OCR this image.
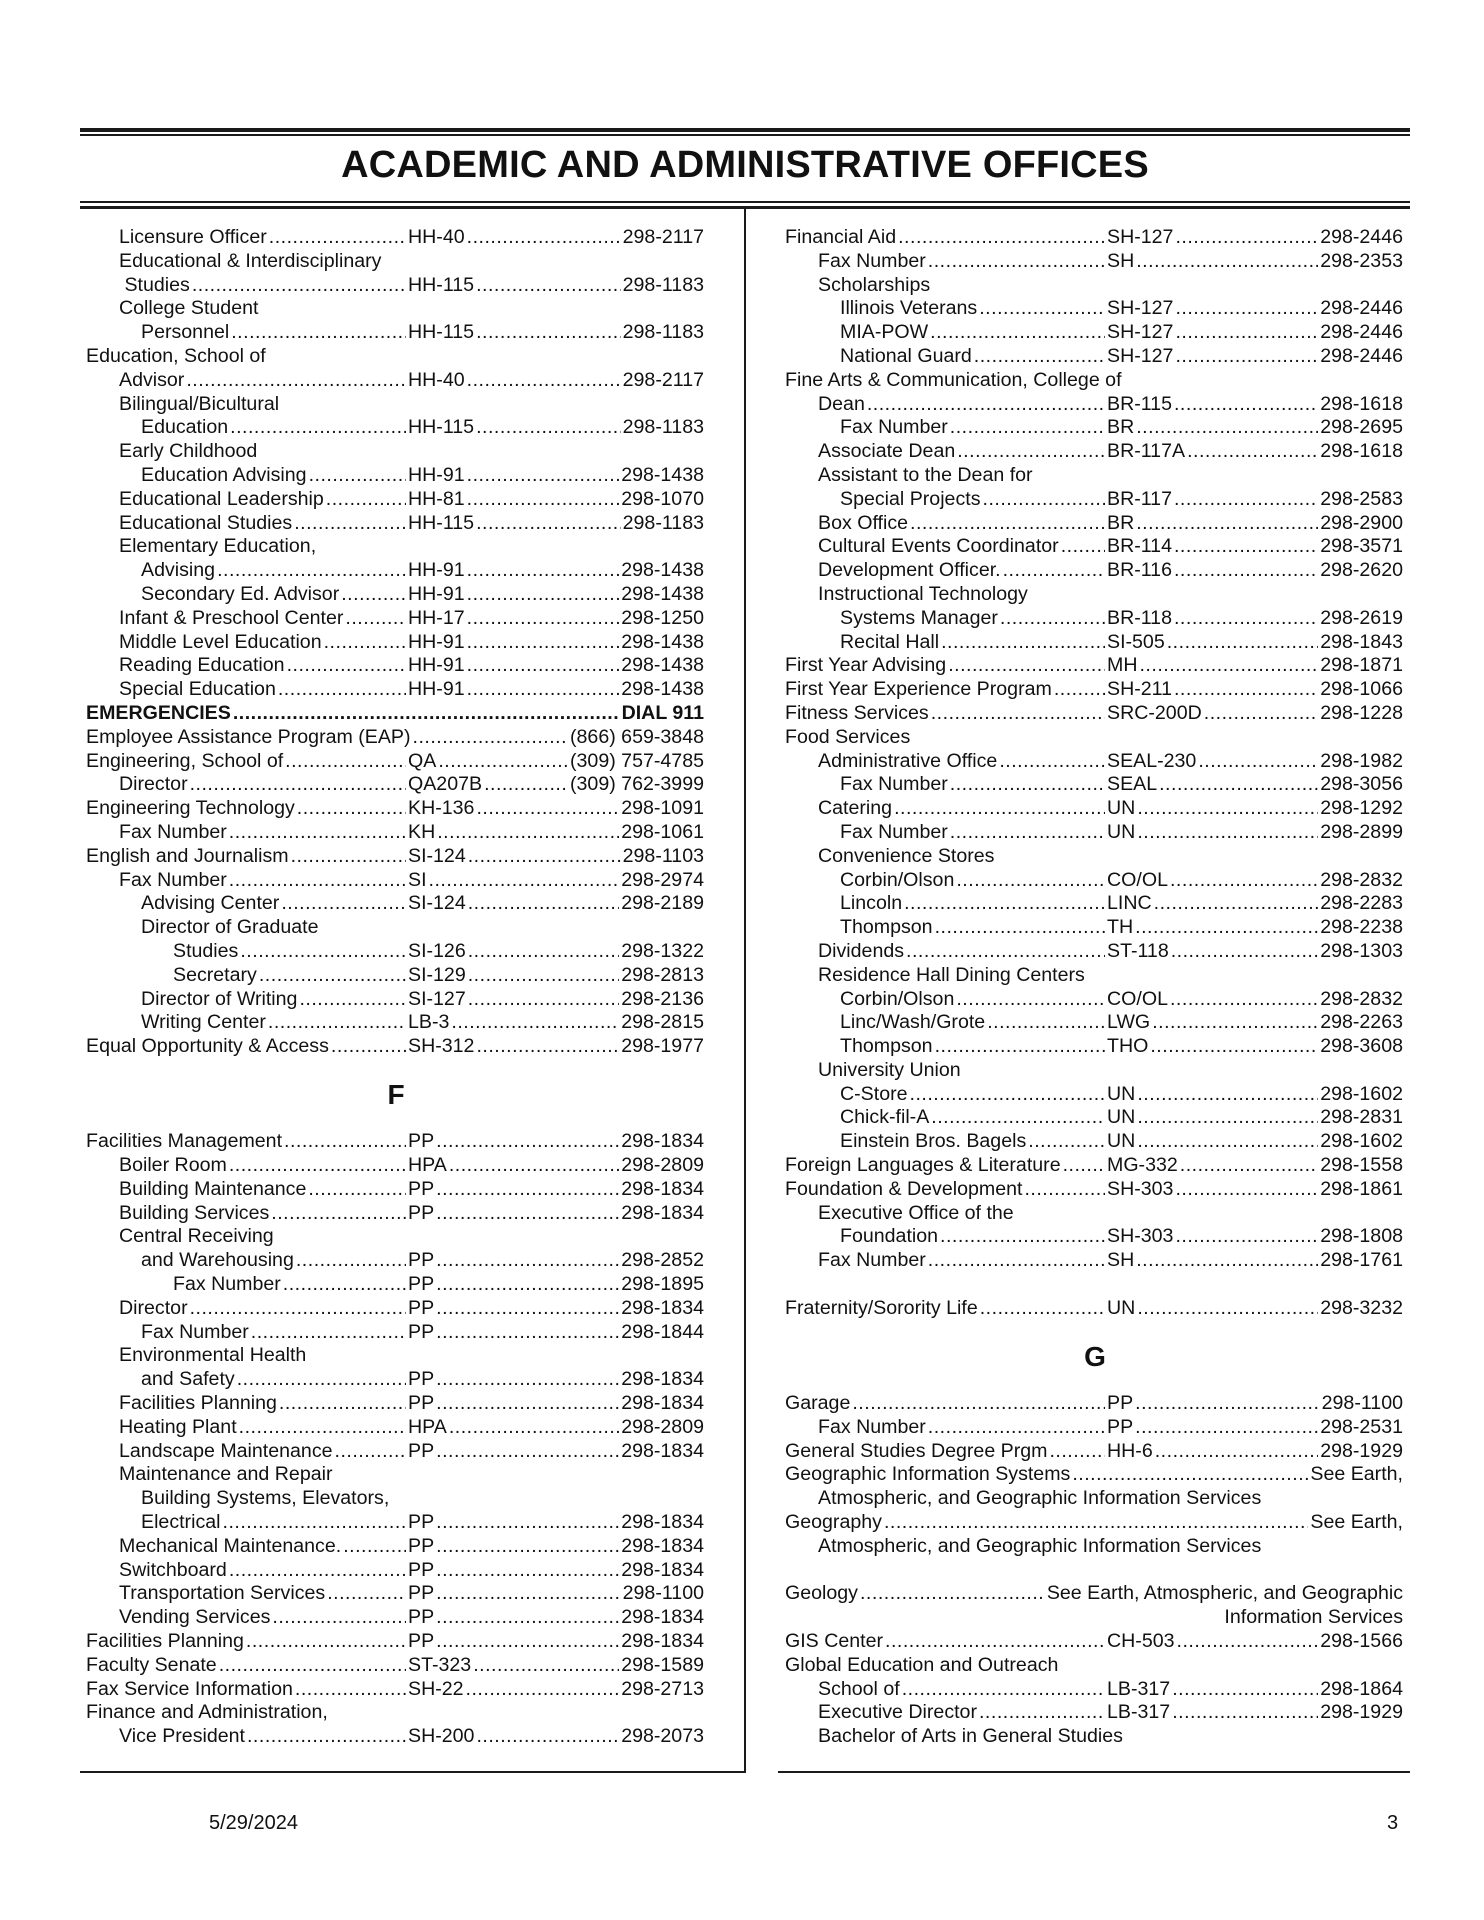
ACADEMIC AND ADMINISTRATIVE OFFICES
Licensure Officer .....	HH-40 .....	298-2117
Educational & Interdisciplinary
Studies .....	HH-115 .....	298-1183
College Student
Personnel .....	HH-115 .....	298-1183
Education, School of
Advisor .....	HH-40 .....	298-2117
Bilingual/Bicultural
Education .....	HH-115 .....	298-1183
Early Childhood
Education Advising .....	HH-91 .....	298-1438
Educational Leadership .....	HH-81 .....	298-1070
Educational Studies .....	HH-115 .....	298-1183
Elementary Education,
Advising .....	HH-91 .....	298-1438
Secondary Ed. Advisor .....	HH-91 .....	298-1438
Infant & Preschool Center .....	HH-17 .....	298-1250
Middle Level Education .....	HH-91 .....	298-1438
Reading Education .....	HH-91 .....	298-1438
Special Education .....	HH-91 .....	298-1438
EMERGENCIES .....	DIAL 911
Employee Assistance Program (EAP) .....	(866) 659-3848
Engineering, School of .....	QA .....	(309) 757-4785
Director .....	QA207B .....	(309) 762-3999
Engineering Technology .....	KH-136 .....	298-1091
Fax Number .....	KH .....	298-1061
English and Journalism .....	SI-124 .....	298-1103
Fax Number .....	SI .....	298-2974
Advising Center .....	SI-124 .....	298-2189
Director of Graduate
Studies .....	SI-126 .....	298-1322
Secretary .....	SI-129 .....	298-2813
Director of Writing .....	SI-127 .....	298-2136
Writing Center .....	LB-3 .....	298-2815
Equal Opportunity & Access .....	SH-312 .....	298-1977
F
Facilities Management .....	PP .....	298-1834
Boiler Room .....	HPA .....	298-2809
Building Maintenance .....	PP .....	298-1834
Building Services .....	PP .....	298-1834
Central Receiving
and Warehousing .....	PP .....	298-2852
Fax Number .....	PP .....	298-1895
Director .....	PP .....	298-1834
Fax Number .....	PP .....	298-1844
Environmental Health
and Safety .....	PP .....	298-1834
Facilities Planning .....	PP .....	298-1834
Heating Plant .....	HPA .....	298-2809
Landscape Maintenance .....	PP .....	298-1834
Maintenance and Repair
Building Systems, Elevators,
Electrical .....	PP .....	298-1834
Mechanical Maintenance. .....	PP .....	298-1834
Switchboard .....	PP .....	298-1834
Transportation Services .....	PP .....	298-1100
Vending Services .....	PP .....	298-1834
Facilities Planning .....	PP .....	298-1834
Faculty Senate .....	ST-323 .....	298-1589
Fax Service Information .....	SH-22 .....	298-2713
Finance and Administration,
Vice President .....	SH-200 .....	298-2073
Financial Aid .....	SH-127 .....	298-2446
Fax Number .....	SH .....	298-2353
Scholarships
Illinois Veterans .....	SH-127 .....	298-2446
MIA-POW .....	SH-127 .....	298-2446
National Guard .....	SH-127 .....	298-2446
Fine Arts & Communication, College of
Dean .....	BR-115 .....	298-1618
Fax Number .....	BR .....	298-2695
Associate Dean .....	BR-117A .....	298-1618
Assistant to the Dean for
Special Projects .....	BR-117 .....	298-2583
Box Office .....	BR .....	298-2900
Cultural Events Coordinator ..... BR-114 .....	298-3571
Development Officer. .....	BR-116 .....	298-2620
Instructional Technology
Systems Manager .....	BR-118 .....	298-2619
Recital Hall .....	SI-505 .....	298-1843
First Year Advising .....	MH .....	298-1871
First Year Experience Program .....	SH-211 .....	298-1066
Fitness Services .....	SRC-200D .....	298-1228
Food Services
Administrative Office .....	SEAL-230 .....	298-1982
Fax Number .....	SEAL .....	298-3056
Catering .....	UN .....	298-1292
Fax Number .....	UN .....	298-2899
Convenience Stores
Corbin/Olson .....	CO/OL .....	298-2832
Lincoln .....	LINC .....	298-2283
Thompson .....	TH .....	298-2238
Dividends .....	ST-118 .....	298-1303
Residence Hall Dining Centers
Corbin/Olson .....	CO/OL .....	298-2832
Linc/Wash/Grote .....	LWG .....	298-2263
Thompson .....	THO .....	298-3608
University Union
C-Store .....	UN .....	298-1602
Chick-fil-A .....	UN .....	298-2831
Einstein Bros. Bagels .....	UN .....	298-1602
Foreign Languages & Literature ..... MG-332 .....	298-1558
Foundation & Development .....	SH-303 .....	298-1861
Executive Office of the
Foundation .....	SH-303 .....	298-1808
Fax Number .....	SH .....	298-1761
Fraternity/Sorority Life .....	UN .....	298-3232
G
Garage .....	PP .....	298-1100
Fax Number .....	PP .....	298-2531
General Studies Degree Prgm .....	HH-6 .....	298-1929
Geographic Information Systems .....	See Earth,
Atmospheric, and Geographic Information Services
Geography .....	See Earth,
Atmospheric, and Geographic Information Services
Geology .....	See Earth, Atmospheric, and Geographic
Information Services
GIS Center .....	CH-503 .....	298-1566
Global Education and Outreach
School of .....	LB-317 .....	298-1864
Executive Director .....	LB-317 .....	298-1929
Bachelor of Arts in General Studies

5/29/2024	3
